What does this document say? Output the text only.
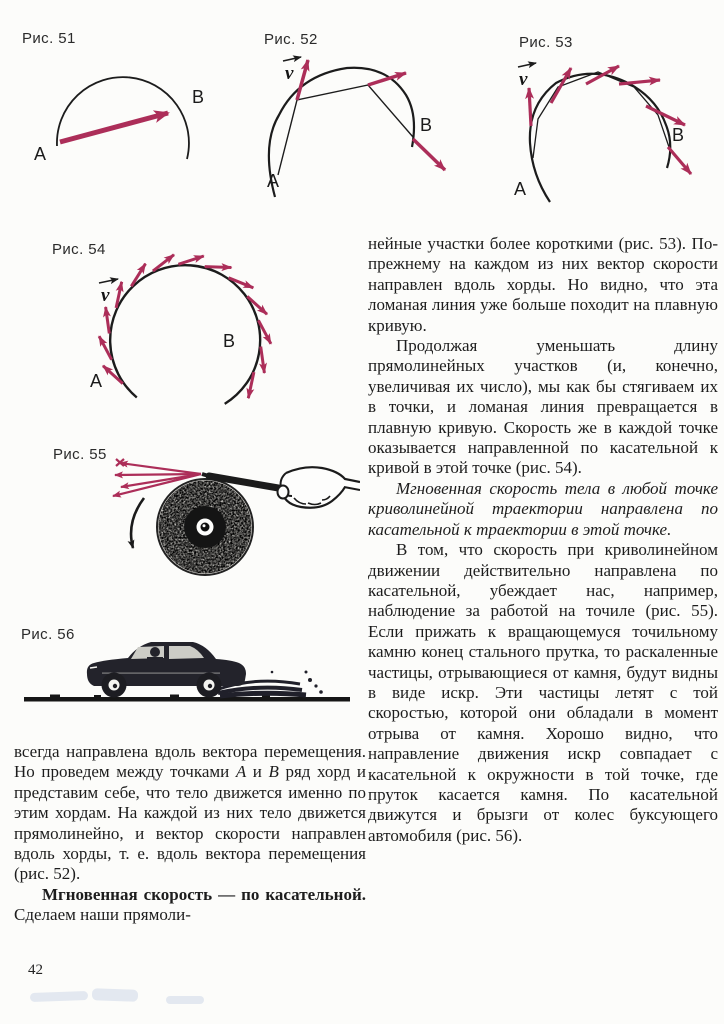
A
B
Рис. 51
v
A
B
Рис. 52
v
A
B
Рис. 53
v
A
B
Рис. 54
Рис. 55
Рис. 56

всегда направлена вдоль вектора перемещения. Но проведем между точками А и В ряд хорд и представим себе, что тело движется именно по этим хордам. На каждой из них тело движется прямолинейно, и вектор скорости направлен вдоль хорды, т. е. вдоль вектора перемещения (рис. 52).

Мгновенная скорость — по касательной. Сделаем наши прямоли-

нейные участки более короткими (рис. 53). По-прежнему на каждом из них вектор скорости направлен вдоль хорды. Но видно, что эта ломаная линия уже больше походит на плавную кривую.

Продолжая уменьшать длину прямолинейных участков (и, конечно, увеличивая их число), мы как бы стягиваем их в точки, и ломаная линия превращается в плавную кривую. Скорость же в каждой точке оказывается направленной по касательной к кривой в этой точке (рис. 54).

Мгновенная скорость тела в любой точке криволинейной траектории направлена по касательной к траектории в этой точке.

В том, что скорость при криволинейном движении действительно направлена по касательной, убеждает нас, например, наблюдение за работой на точиле (рис. 55). Если прижать к вращающемуся точильному камню конец стального прутка, то раскаленные частицы, отрывающиеся от камня, будут видны в виде искр. Эти частицы летят с той скоростью, которой они обладали в момент отрыва от камня. Хорошо видно, что направление движения искр совпадает с касательной к окружности в той точке, где пруток касается камня. По касательной движутся и брызги от колес буксующего автомобиля (рис. 56).

42
